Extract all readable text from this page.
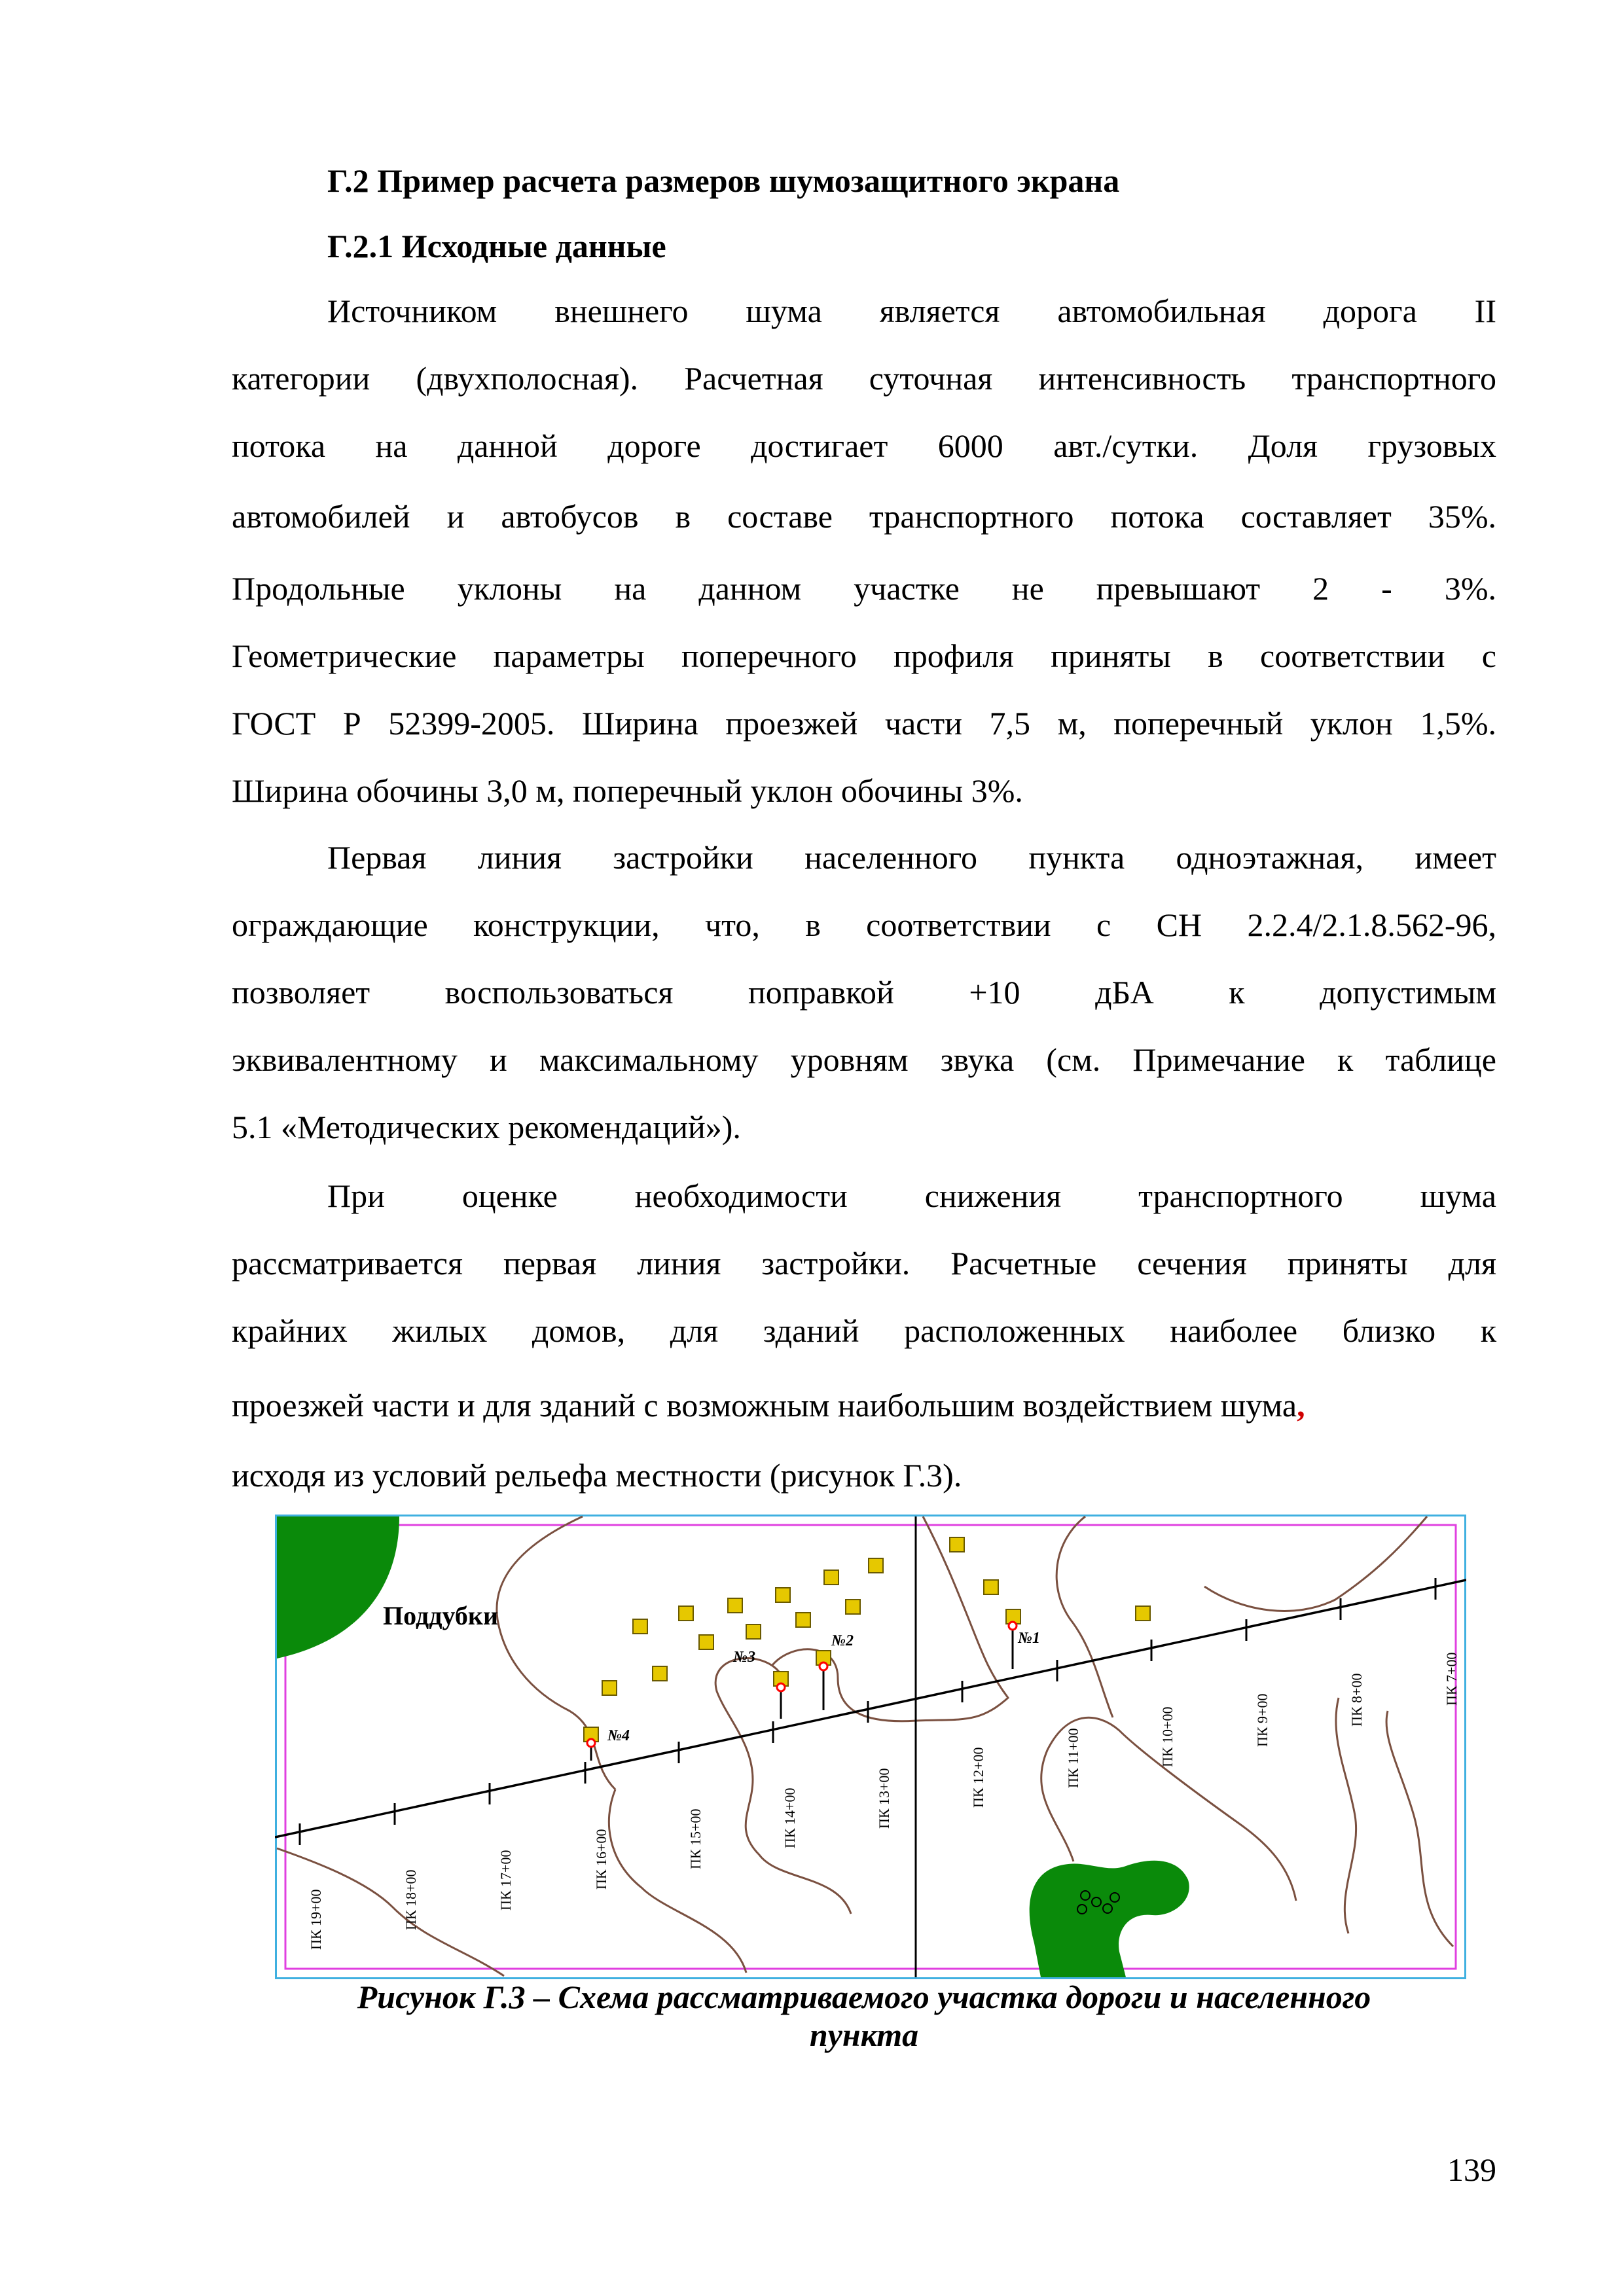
Г.2 Пример расчета размеров шумозащитного экрана
Г.2.1 Исходные данные
Источником внешнего шума является автомобильная дорога II
категории (двухполосная). Расчетная суточная интенсивность транспортного
потока на данной дороге достигает 6000 авт./сутки. Доля грузовых
автомобилей и автобусов в составе транспортного потока составляет 35%.
Продольные уклоны на данном участке не превышают 2 - 3%.
Геометрические параметры поперечного профиля приняты в соответствии с
ГОСТ Р 52399-2005. Ширина проезжей части 7,5 м, поперечный уклон 1,5%.
Ширина обочины 3,0 м, поперечный уклон обочины 3%.
Первая линия застройки населенного пункта одноэтажная, имеет
ограждающие конструкции, что, в соответствии с СН 2.2.4/2.1.8.562-96,
позволяет воспользоваться поправкой +10 дБА к допустимым
эквивалентному и максимальному уровням звука (см. Примечание к таблице
5.1 «Методических рекомендаций»).
При оценке необходимости снижения транспортного шума
рассматривается первая линия застройки. Расчетные сечения приняты для
крайних жилых домов, для зданий расположенных наиболее близко к
проезжей части и для зданий с возможным наибольшим воздействием шума,
исходя из условий рельефа местности (рисунок Г.3).
ПК 19+00	ПК 18+00	ПК 17+00	ПК 16+00	ПК 15+00	ПК 14+00	ПК 13+00	ПК 12+00	ПК 11+00	ПК 10+00	ПК 9+00	ПК 8+00	ПК 7+00
№1
№2
№3
№4
Поддубки
Рисунок Г.3 – Схема рассматриваемого участка дороги и населенного
пункта
139
